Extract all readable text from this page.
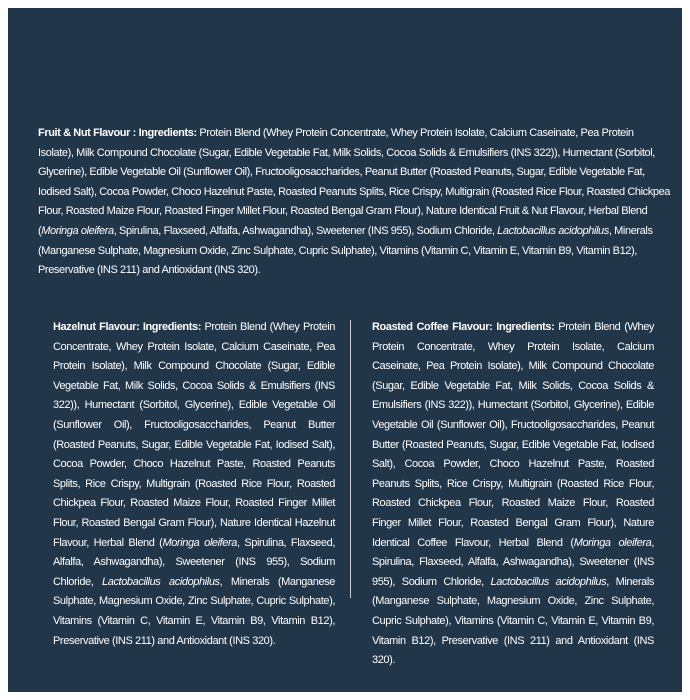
Fruit & Nut Flavour : Ingredients: Protein Blend (Whey Protein Concentrate, Whey Protein Isolate, Calcium Caseinate, Pea Protein Isolate), Milk Compound Chocolate (Sugar, Edible Vegetable Fat, Milk Solids, Cocoa Solids & Emulsifiers (INS 322)), Humectant (Sorbitol, Glycerine), Edible Vegetable Oil (Sunflower Oil), Fructooligosaccharides, Peanut Butter (Roasted Peanuts, Sugar, Edible Vegetable Fat, Iodised Salt), Cocoa Powder, Choco Hazelnut Paste, Roasted Peanuts Splits, Rice Crispy, Multigrain (Roasted Rice Flour, Roasted Chickpea Flour, Roasted Maize Flour, Roasted Finger Millet Flour, Roasted Bengal Gram Flour), Nature Identical Fruit & Nut Flavour, Herbal Blend (Moringa oleifera, Spirulina, Flaxseed, Alfalfa, Ashwagandha), Sweetener (INS 955), Sodium Chloride, Lactobacillus acidophilus, Minerals (Manganese Sulphate, Magnesium Oxide, Zinc Sulphate, Cupric Sulphate), Vitamins (Vitamin C, Vitamin E, Vitamin B9, Vitamin B12), Preservative (INS 211) and Antioxidant (INS 320).
Hazelnut Flavour: Ingredients: Protein Blend (Whey Protein Concentrate, Whey Protein Isolate, Calcium Caseinate, Pea Protein Isolate), Milk Compound Chocolate (Sugar, Edible Vegetable Fat, Milk Solids, Cocoa Solids & Emulsifiers (INS 322)), Humectant (Sorbitol, Glycerine), Edible Vegetable Oil (Sunflower Oil), Fructooligosaccharides, Peanut Butter (Roasted Peanuts, Sugar, Edible Vegetable Fat, Iodised Salt), Cocoa Powder, Choco Hazelnut Paste, Roasted Peanuts Splits, Rice Crispy, Multigrain (Roasted Rice Flour, Roasted Chickpea Flour, Roasted Maize Flour, Roasted Finger Millet Flour, Roasted Bengal Gram Flour), Nature Identical Hazelnut Flavour, Herbal Blend (Moringa oleifera, Spirulina, Flaxseed, Alfalfa, Ashwagandha), Sweetener (INS 955), Sodium Chloride, Lactobacillus acidophilus, Minerals (Manganese Sulphate, Magnesium Oxide, Zinc Sulphate, Cupric Sulphate), Vitamins (Vitamin C, Vitamin E, Vitamin B9, Vitamin B12), Preservative (INS 211) and Antioxidant (INS 320).
Roasted Coffee Flavour: Ingredients: Protein Blend (Whey Protein Concentrate, Whey Protein Isolate, Calcium Caseinate, Pea Protein Isolate), Milk Compound Chocolate (Sugar, Edible Vegetable Fat, Milk Solids, Cocoa Solids & Emulsifiers (INS 322)), Humectant (Sorbitol, Glycerine), Edible Vegetable Oil (Sunflower Oil), Fructooligosaccharides, Peanut Butter (Roasted Peanuts, Sugar, Edible Vegetable Fat, Iodised Salt), Cocoa Powder, Choco Hazelnut Paste, Roasted Peanuts Splits, Rice Crispy, Multigrain (Roasted Rice Flour, Roasted Chickpea Flour, Roasted Maize Flour, Roasted Finger Millet Flour, Roasted Bengal Gram Flour), Nature Identical Coffee Flavour, Herbal Blend (Moringa oleifera, Spirulina, Flaxseed, Alfalfa, Ashwagandha), Sweetener (INS 955), Sodium Chloride, Lactobacillus acidophilus, Minerals (Manganese Sulphate, Magnesium Oxide, Zinc Sulphate, Cupric Sulphate), Vitamins (Vitamin C, Vitamin E, Vitamin B9, Vitamin B12), Preservative (INS 211) and Antioxidant (INS 320).
